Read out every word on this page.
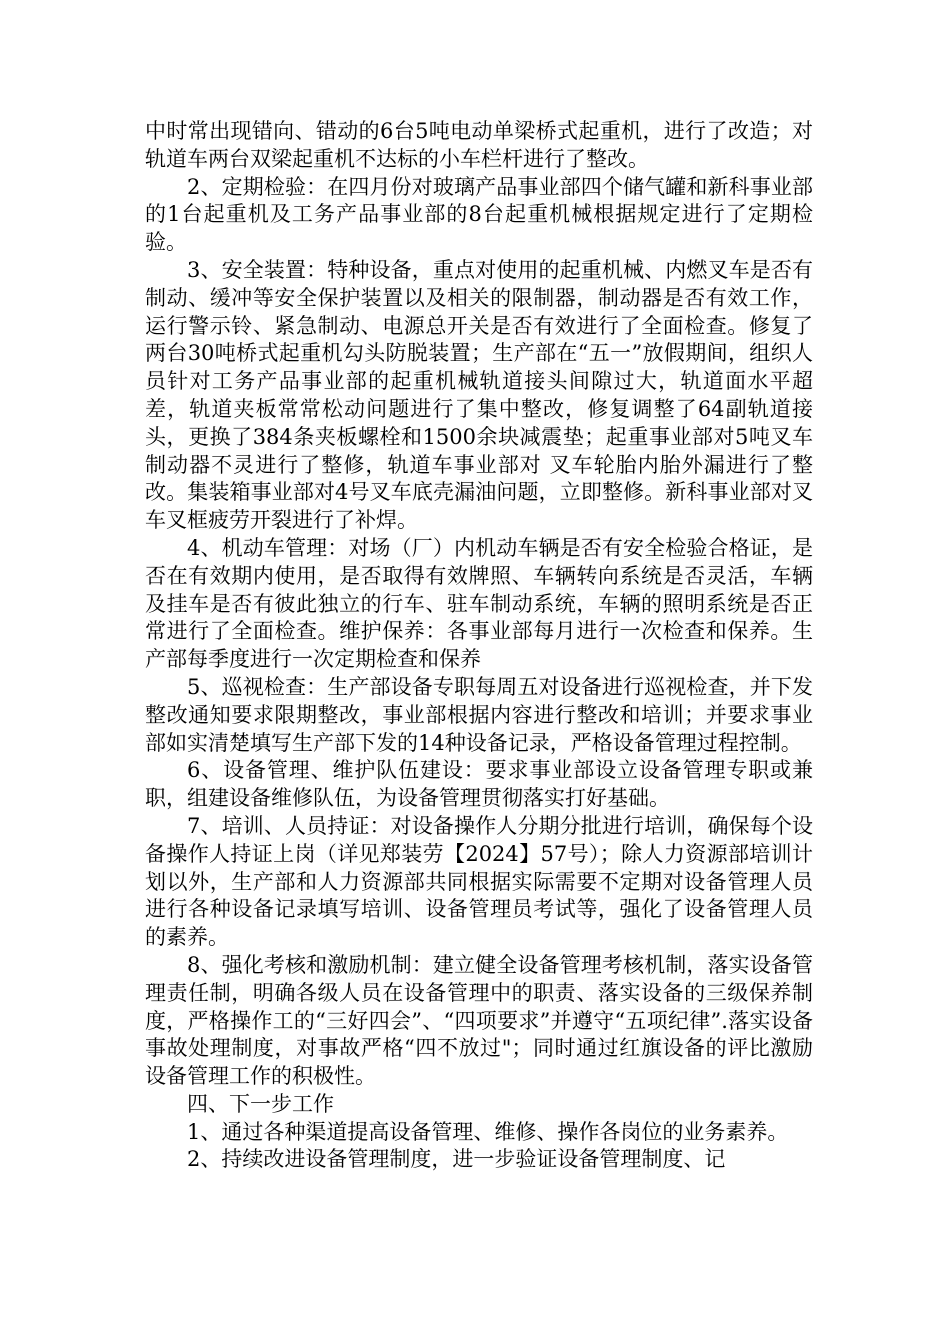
中时常出现错向、错动的6台5吨电动单梁桥式起重机，进行了改造；对轨道车两台双梁起重机不达标的小车栏杆进行了整改。

2、定期检验：在四月份对玻璃产品事业部四个储气罐和新科事业部的1台起重机及工务产品事业部的8台起重机械根据规定进行了定期检验。

3、安全装置：特种设备，重点对使用的起重机械、内燃叉车是否有制动、缓冲等安全保护装置以及相关的限制器，制动器是否有效工作，运行警示铃、紧急制动、电源总开关是否有效进行了全面检查。修复了两台30吨桥式起重机勾头防脱装置；生产部在“五一”放假期间，组织人员针对工务产品事业部的起重机械轨道接头间隙过大，轨道面水平超差，轨道夹板常常松动问题进行了集中整改，修复调整了64副轨道接头，更换了384条夹板螺栓和1500余块减震垫；起重事业部对5吨叉车制动器不灵进行了整修，轨道车事业部对 叉车轮胎内胎外漏进行了整改。集装箱事业部对4号叉车底壳漏油问题，立即整修。新科事业部对叉车叉框疲劳开裂进行了补焊。

4、机动车管理：对场（厂）内机动车辆是否有安全检验合格证，是否在有效期内使用，是否取得有效牌照、车辆转向系统是否灵活，车辆及挂车是否有彼此独立的行车、驻车制动系统，车辆的照明系统是否正常进行了全面检查。维护保养：各事业部每月进行一次检查和保养。生产部每季度进行一次定期检查和保养

5、巡视检查：生产部设备专职每周五对设备进行巡视检查，并下发整改通知要求限期整改，事业部根据内容进行整改和培训；并要求事业部如实清楚填写生产部下发的14种设备记录，严格设备管理过程控制。

6、设备管理、维护队伍建设：要求事业部设立设备管理专职或兼职，组建设备维修队伍，为设备管理贯彻落实打好基础。

7、培训、人员持证：对设备操作人分期分批进行培训，确保每个设备操作人持证上岗（详见郑装劳【2024】57号）；除人力资源部培训计划以外，生产部和人力资源部共同根据实际需要不定期对设备管理人员进行各种设备记录填写培训、设备管理员考试等，强化了设备管理人员的素养。

8、强化考核和激励机制：建立健全设备管理考核机制，落实设备管理责任制，明确各级人员在设备管理中的职责、落实设备的三级保养制度，严格操作工的“三好四会”、“四项要求”并遵守“五项纪律”.落实设备事故处理制度，对事故严格“四不放过"；同时通过红旗设备的评比激励设备管理工作的积极性。

四、下一步工作

1、通过各种渠道提高设备管理、维修、操作各岗位的业务素养。

2、持续改进设备管理制度，进一步验证设备管理制度、记
